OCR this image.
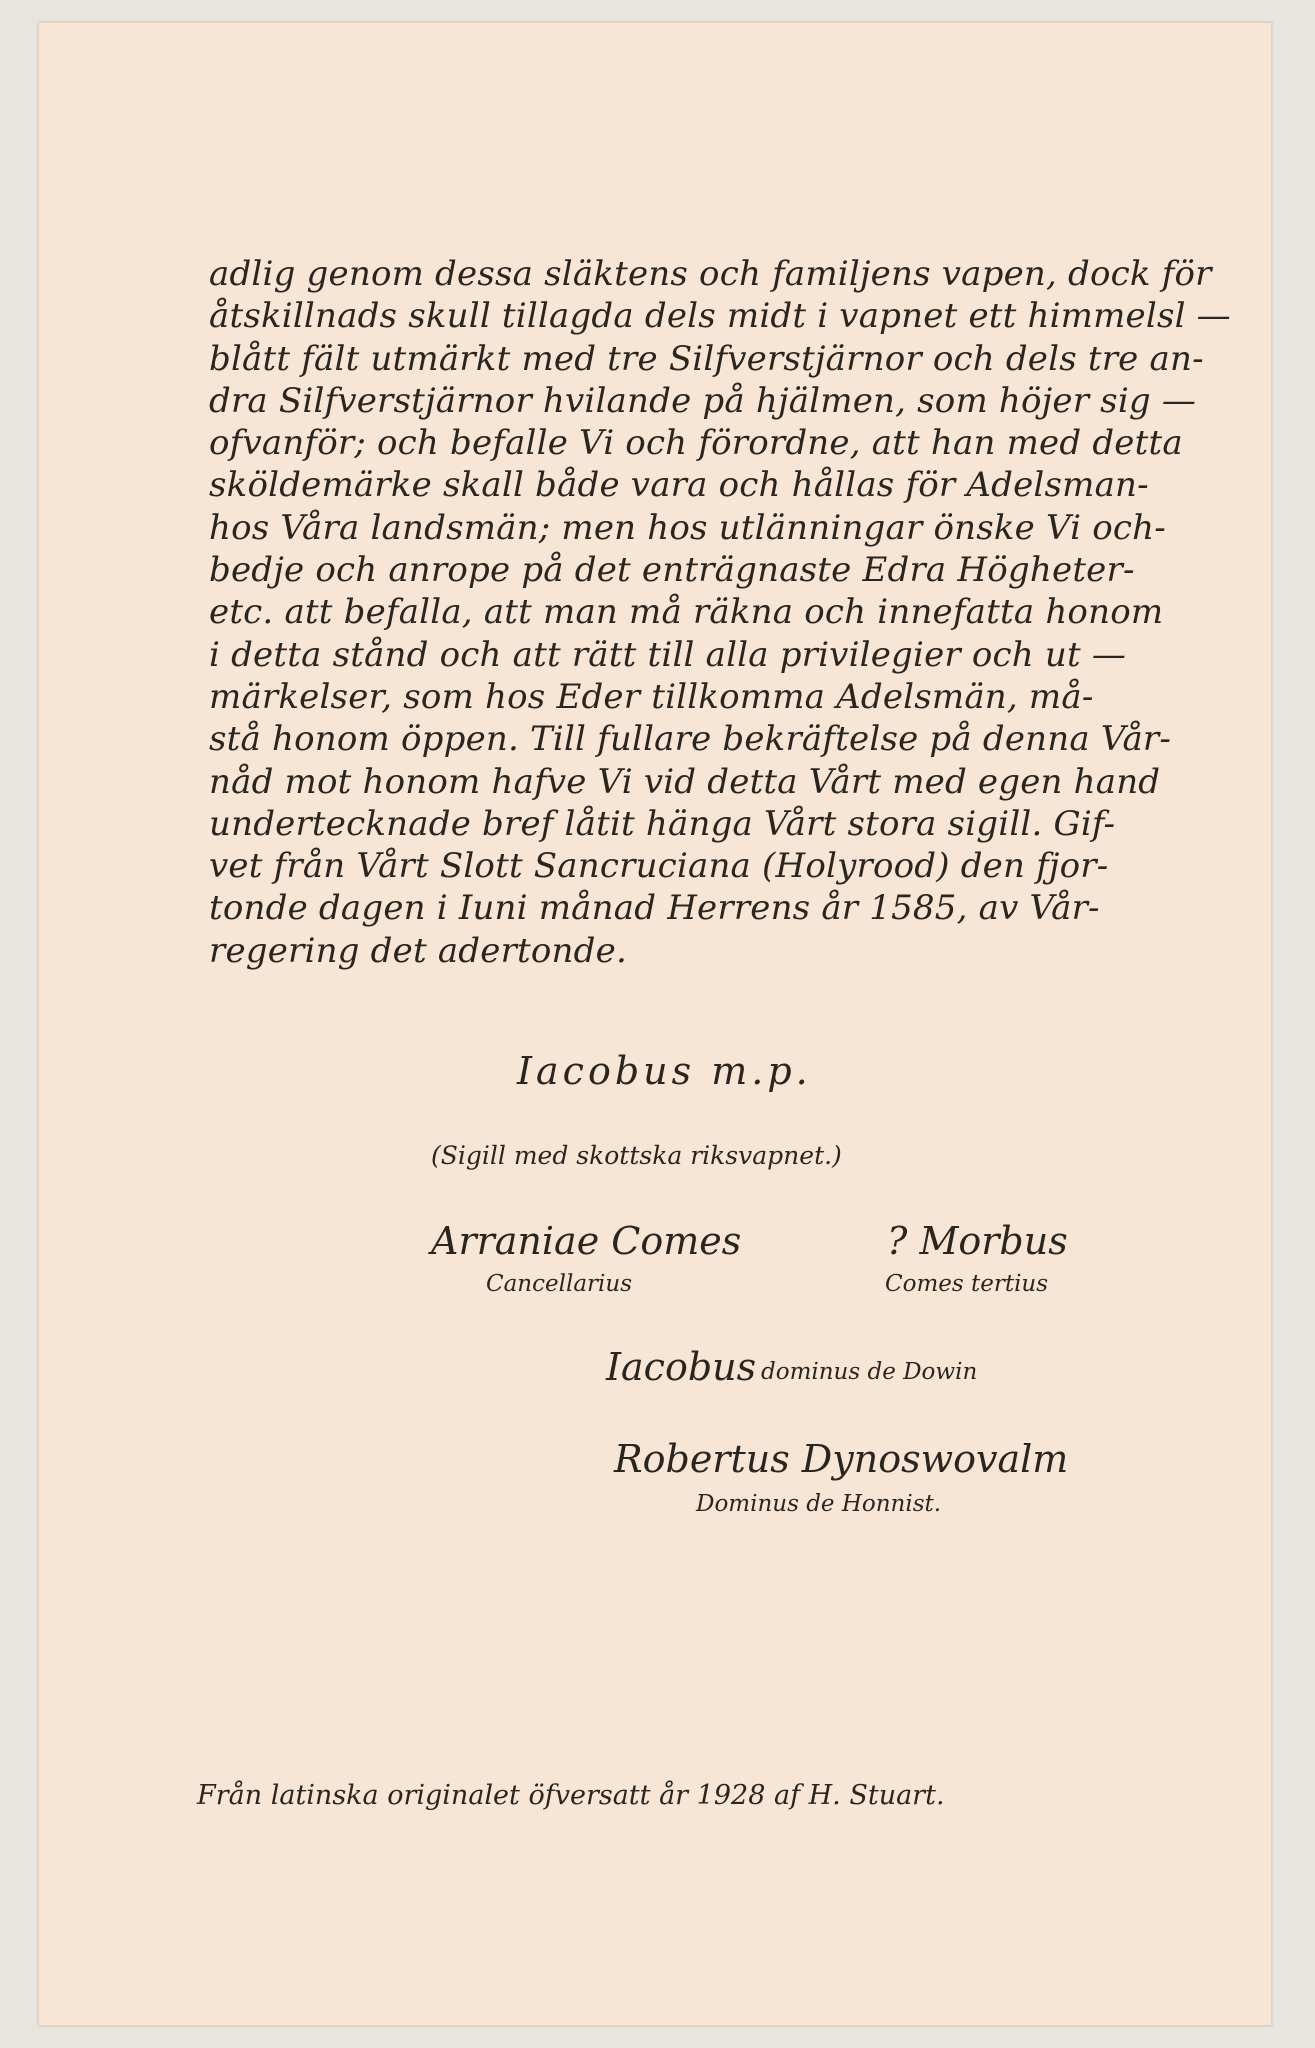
adlig genom dessa släktens och familjens vapen, dock för
åtskillnads skull tillagda dels midt i vapnet ett himmelsl —
blått fält utmärkt med tre Silfverstjärnor och dels tre an-
dra Silfverstjärnor hvilande på hjälmen, som höjer sig —
ofvanför; och befalle Vi och förordne, att han med detta
sköldemärke skall både vara och hållas för Adelsman-
hos Våra landsmän; men hos utlänningar önske Vi och-
bedje och anrope på det enträgnaste Edra Högheter-
etc. att befalla, att man må räkna och innefatta honom
i detta stånd och att rätt till alla privilegier och ut —
märkelser, som hos Eder tillkomma Adelsmän, må-
stå honom öppen. Till fullare bekräftelse på denna Vår-
nåd mot honom hafve Vi vid detta Vårt med egen hand
undertecknade bref låtit hänga Vårt stora sigill. Gif-
vet från Vårt Slott Sancruciana (Holyrood) den fjor-
tonde dagen i Iuni månad Herrens år 1585, av Vår-
regering det adertonde.

Iacobus m.p.
(Sigill med skottska riksvapnet.)
Arraniae Comes
Cancellarius
? Morbus
Comes tertius
Iacobus dominus de Dowin
Robertus Dynoswovalm
Dominus de Honnist.
Från latinska originalet öfversatt år 1928 af H. Stuart.
